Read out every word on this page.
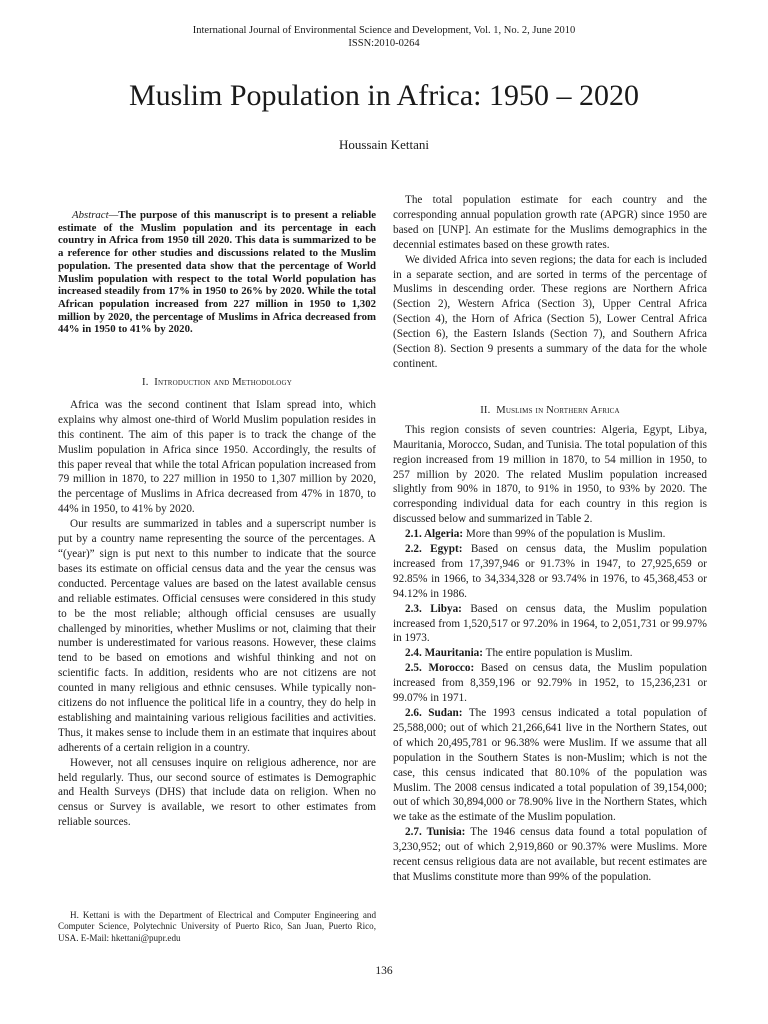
International Journal of Environmental Science and Development, Vol. 1, No. 2, June 2010
ISSN:2010-0264
Muslim Population in Africa: 1950 – 2020
Houssain Kettani
Abstract—The purpose of this manuscript is to present a reliable estimate of the Muslim population and its percentage in each country in Africa from 1950 till 2020. This data is summarized to be a reference for other studies and discussions related to the Muslim population. The presented data show that the percentage of World Muslim population with respect to the total World population has increased steadily from 17% in 1950 to 26% by 2020. While the total African population increased from 227 million in 1950 to 1,302 million by 2020, the percentage of Muslims in Africa decreased from 44% in 1950 to 41% by 2020.

I. Introduction and Methodology

Africa was the second continent that Islam spread into, which explains why almost one-third of World Muslim population resides in this continent. The aim of this paper is to track the change of the Muslim population in Africa since 1950. Accordingly, the results of this paper reveal that while the total African population increased from 79 million in 1870, to 227 million in 1950 to 1,307 million by 2020, the percentage of Muslims in Africa decreased from 47% in 1870, to 44% in 1950, to 41% by 2020.

Our results are summarized in tables and a superscript number is put by a country name representing the source of the percentages. A “(year)” sign is put next to this number to indicate that the source bases its estimate on official census data and the year the census was conducted. Percentage values are based on the latest available census and reliable estimates. Official censuses were considered in this study to be the most reliable; although official censuses are usually challenged by minorities, whether Muslims or not, claiming that their number is underestimated for various reasons. However, these claims tend to be based on emotions and wishful thinking and not on scientific facts. In addition, residents who are not citizens are not counted in many religious and ethnic censuses. While typically non-citizens do not influence the political life in a country, they do help in establishing and maintaining various religious facilities and activities. Thus, it makes sense to include them in an estimate that inquires about adherents of a certain religion in a country.

However, not all censuses inquire on religious adherence, nor are held regularly. Thus, our second source of estimates is Demographic and Health Surveys (DHS) that include data on religion. When no census or Survey is available, we resort to other estimates from reliable sources.

H. Kettani is with the Department of Electrical and Computer Engineering and Computer Science, Polytechnic University of Puerto Rico, San Juan, Puerto Rico, USA. E-Mail: hkettani@pupr.edu

The total population estimate for each country and the corresponding annual population growth rate (APGR) since 1950 are based on [UNP]. An estimate for the Muslims demographics in the decennial estimates based on these growth rates.

We divided Africa into seven regions; the data for each is included in a separate section, and are sorted in terms of the percentage of Muslims in descending order. These regions are Northern Africa (Section 2), Western Africa (Section 3), Upper Central Africa (Section 4), the Horn of Africa (Section 5), Lower Central Africa (Section 6), the Eastern Islands (Section 7), and Southern Africa (Section 8). Section 9 presents a summary of the data for the whole continent.

II. Muslims in Northern Africa

This region consists of seven countries: Algeria, Egypt, Libya, Mauritania, Morocco, Sudan, and Tunisia. The total population of this region increased from 19 million in 1870, to 54 million in 1950, to 257 million by 2020. The related Muslim population increased slightly from 90% in 1870, to 91% in 1950, to 93% by 2020. The corresponding individual data for each country in this region is discussed below and summarized in Table 2.

2.1. Algeria: More than 99% of the population is Muslim.

2.2. Egypt: Based on census data, the Muslim population increased from 17,397,946 or 91.73% in 1947, to 27,925,659 or 92.85% in 1966, to 34,334,328 or 93.74% in 1976, to 45,368,453 or 94.12% in 1986.

2.3. Libya: Based on census data, the Muslim population increased from 1,520,517 or 97.20% in 1964, to 2,051,731 or 99.97% in 1973.

2.4. Mauritania: The entire population is Muslim.

2.5. Morocco: Based on census data, the Muslim population increased from 8,359,196 or 92.79% in 1952, to 15,236,231 or 99.07% in 1971.

2.6. Sudan: The 1993 census indicated a total population of 25,588,000; out of which 21,266,641 live in the Northern States, out of which 20,495,781 or 96.38% were Muslim. If we assume that all population in the Southern States is non-Muslim; which is not the case, this census indicated that 80.10% of the population was Muslim. The 2008 census indicated a total population of 39,154,000; out of which 30,894,000 or 78.90% live in the Northern States, which we take as the estimate of the Muslim population.

2.7. Tunisia: The 1946 census data found a total population of 3,230,952; out of which 2,919,860 or 90.37% were Muslims. More recent census religious data are not available, but recent estimates are that Muslims constitute more than 99% of the population.

136
